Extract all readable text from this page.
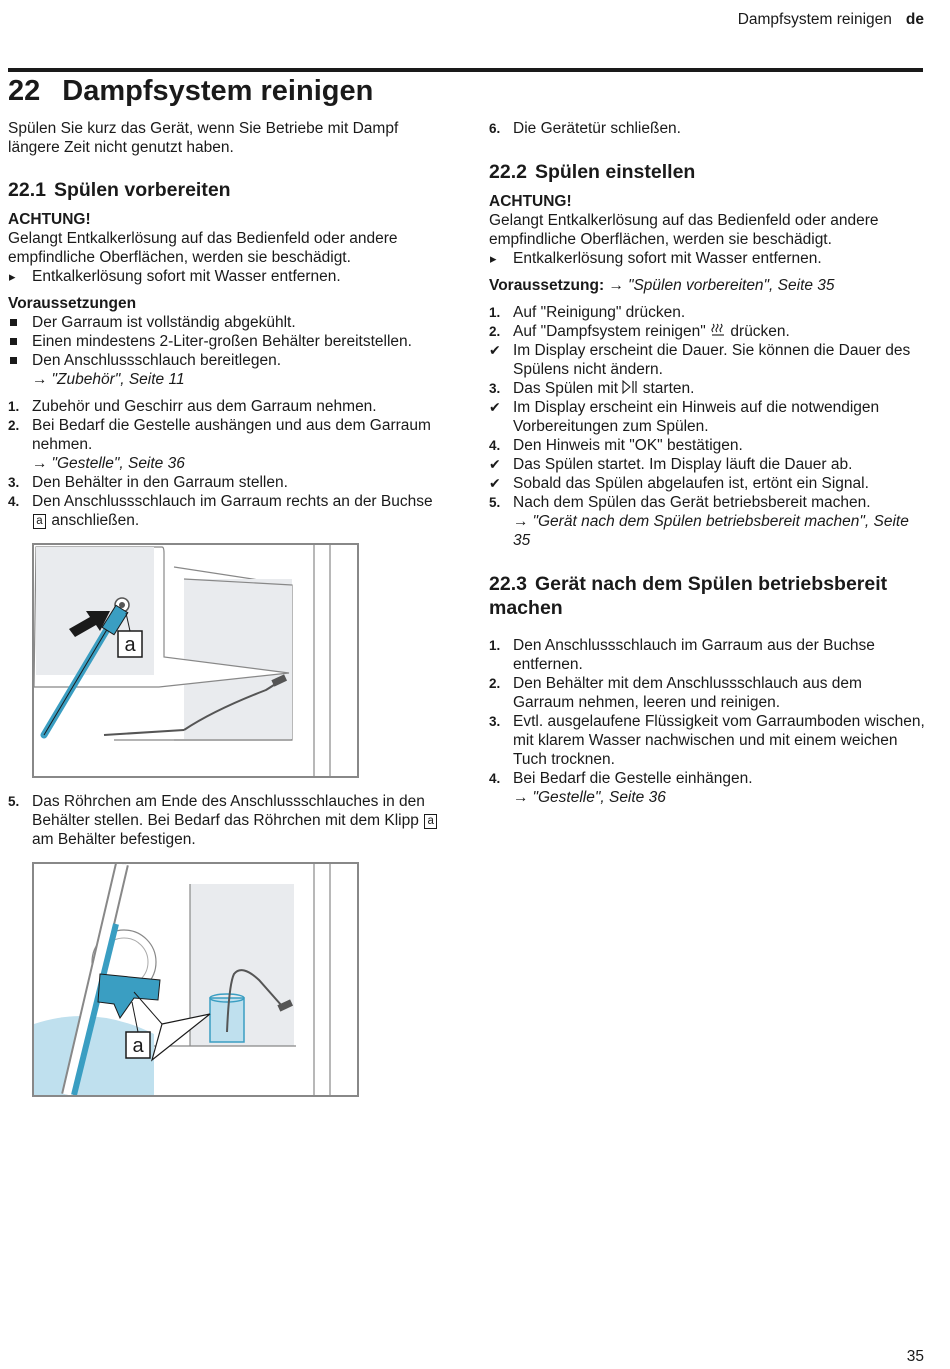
Dampfsystem reinigen de
22 Dampfsystem reinigen

Spülen Sie kurz das Gerät, wenn Sie Betriebe mit Dampf längere Zeit nicht genutzt haben.

22.1 Spülen vorbereiten

ACHTUNG!

Gelangt Entkalkerlösung auf das Bedienfeld oder andere empfindliche Oberflächen, werden sie beschädigt.

▸ Entkalkerlösung sofort mit Wasser entfernen.

Voraussetzungen

Der Garraum ist vollständig abgekühlt.
Einen mindestens 2-Liter-großen Behälter bereitstellen.
Den Anschlussschlauch bereitlegen.
→ "Zubehör", Seite 11
1. Zubehör und Geschirr aus dem Garraum nehmen.
2. Bei Bedarf die Gestelle aushängen und aus dem Garraum nehmen.
→ "Gestelle", Seite 36
3. Den Behälter in den Garraum stellen.
4. Den Anschlussschlauch im Garraum rechts an der Buchse a anschließen.
a
5. Das Röhrchen am Ende des Anschlussschlauches in den Behälter stellen. Bei Bedarf das Röhrchen mit dem Klipp a am Behälter befestigen.
a
6. Die Gerätetür schließen.
22.2 Spülen einstellen

ACHTUNG!

Gelangt Entkalkerlösung auf das Bedienfeld oder andere empfindliche Oberflächen, werden sie beschädigt.

▸ Entkalkerlösung sofort mit Wasser entfernen.

Voraussetzung: → "Spülen vorbereiten", Seite 35

1. Auf "Reinigung" drücken.
2. Auf "Dampfsystem reinigen" drücken.
✔ Im Display erscheint die Dauer. Sie können die Dauer des Spülens nicht ändern.
3. Das Spülen mit starten.
✔ Im Display erscheint ein Hinweis auf die notwendigen Vorbereitungen zum Spülen.
4. Den Hinweis mit "OK" bestätigen.
✔ Das Spülen startet. Im Display läuft die Dauer ab.
✔ Sobald das Spülen abgelaufen ist, ertönt ein Signal.
5. Nach dem Spülen das Gerät betriebsbereit machen.
→ "Gerät nach dem Spülen betriebsbereit machen", Seite 35
22.3 Gerät nach dem Spülen betriebsbereit machen
1. Den Anschlussschlauch im Garraum aus der Buchse entfernen.
2. Den Behälter mit dem Anschlussschlauch aus dem Garraum nehmen, leeren und reinigen.
3. Evtl. ausgelaufene Flüssigkeit vom Garraumboden wischen, mit klarem Wasser nachwischen und mit einem weichen Tuch trocknen.
4. Bei Bedarf die Gestelle einhängen.
→ "Gestelle", Seite 36
35
